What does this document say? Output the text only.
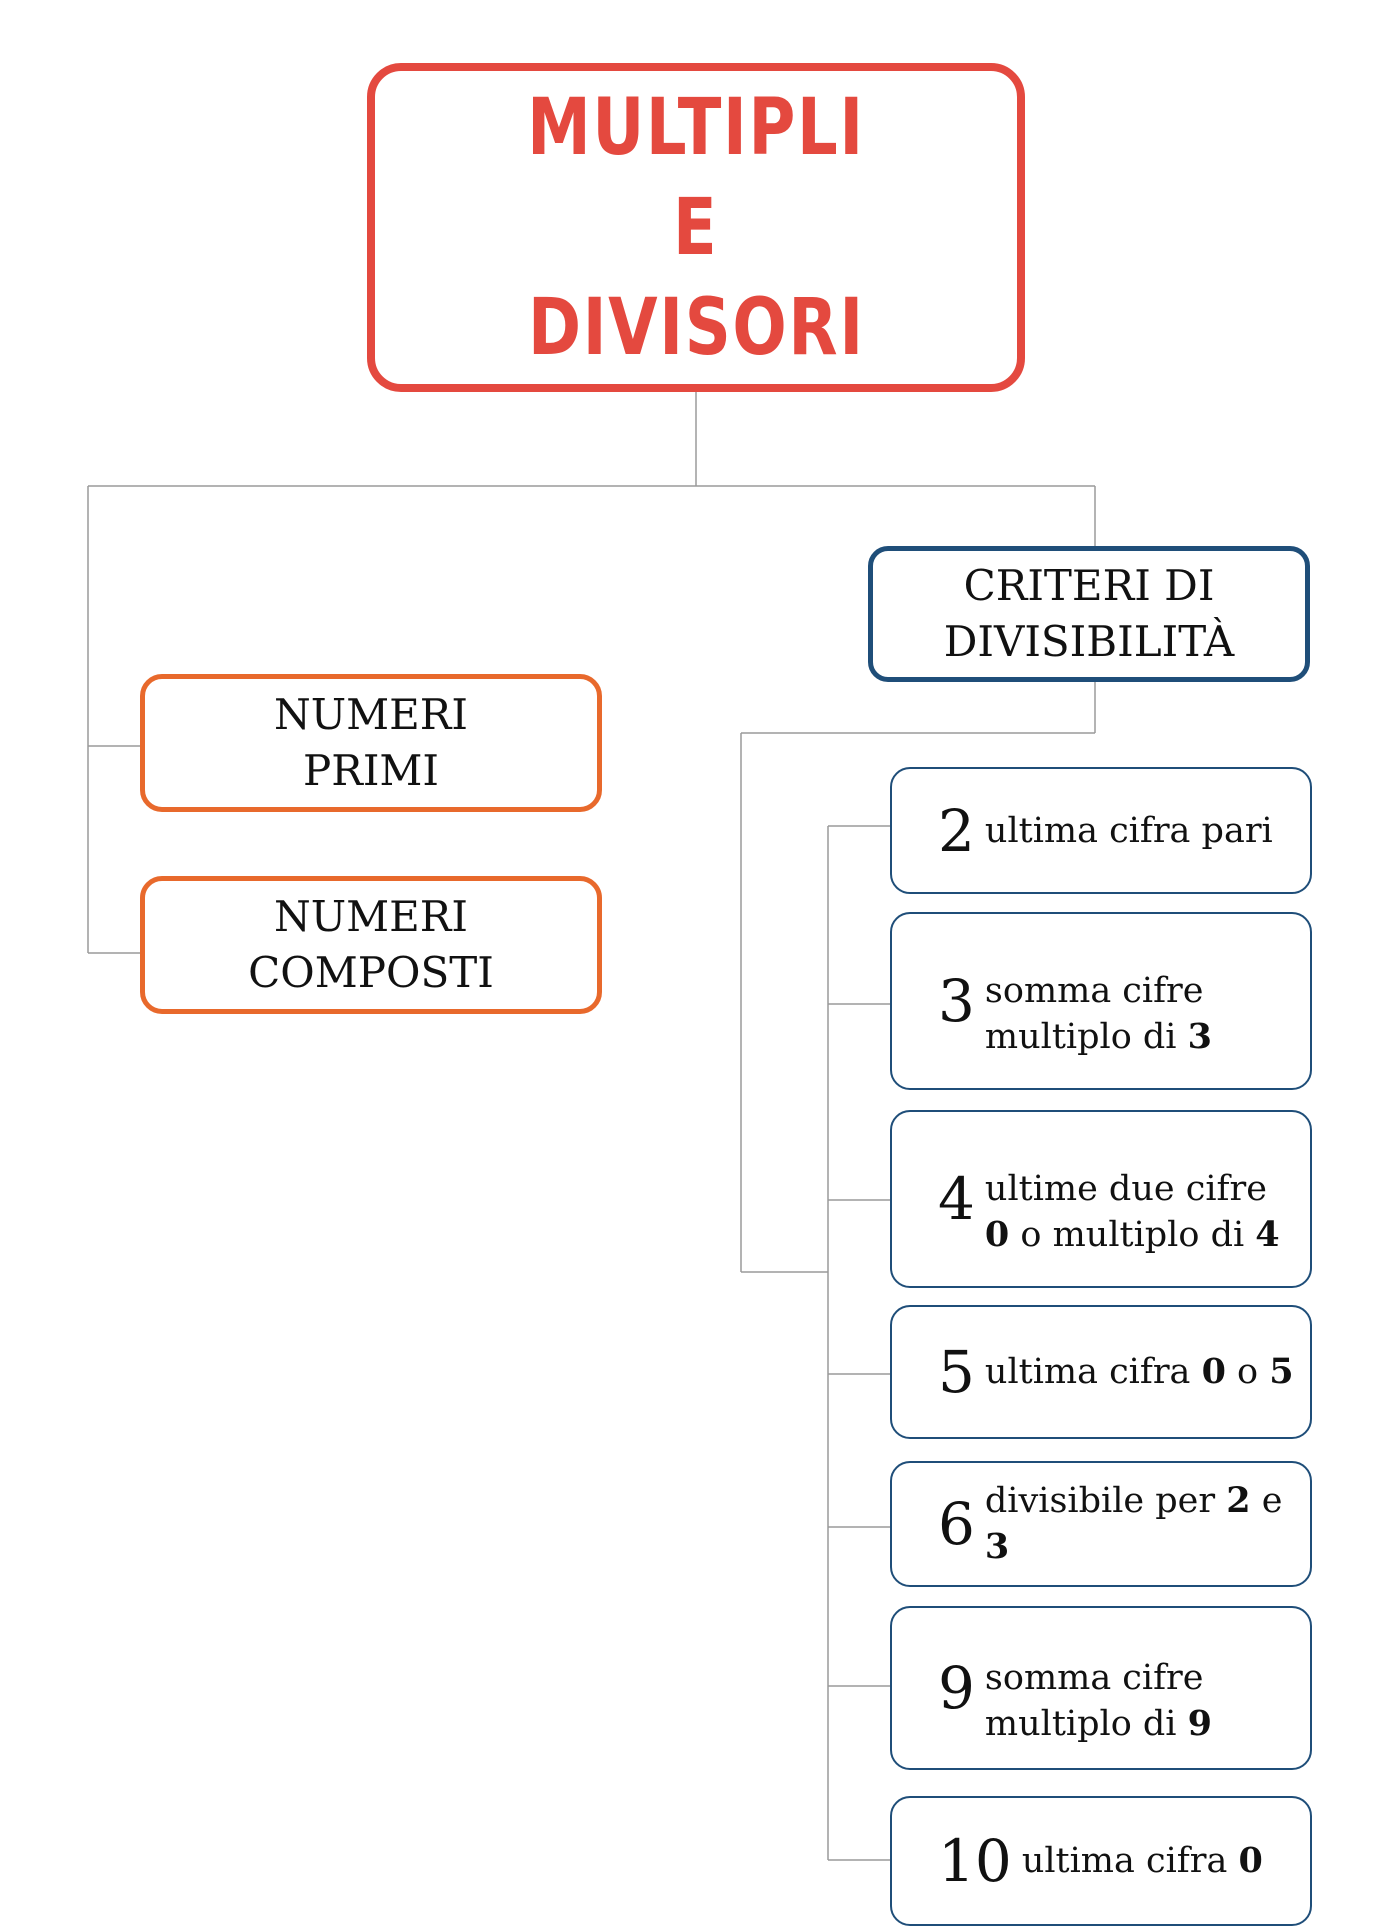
MULTIPLI
E
DIVISORI
CRITERI DI
DIVISIBILITÀ
NUMERI
PRIMI
NUMERI
COMPOSTI
2 ultima cifra pari
3 somma cifre
multiplo di 3
4 ultime due cifre
0 o multiplo di 4
5 ultima cifra 0 o 5
6 divisibile per 2 e 3
9 somma cifre
multiplo di 9
10 ultima cifra 0
